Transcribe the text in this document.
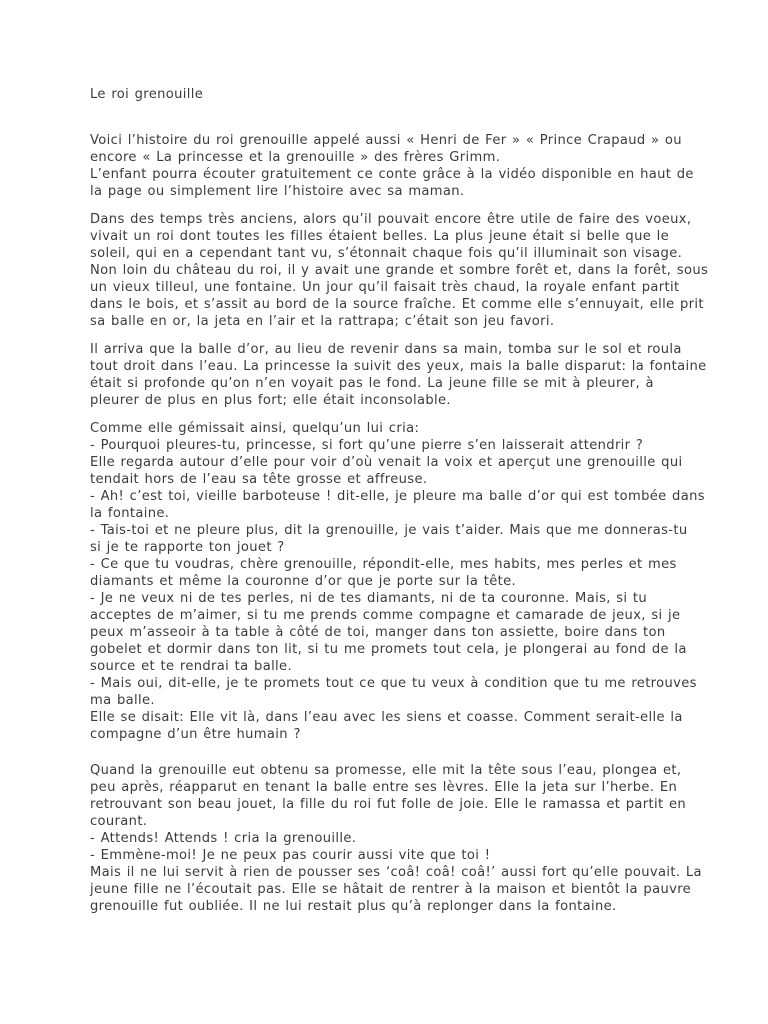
Le roi grenouille
Voici l’histoire du roi grenouille appelé aussi « Henri de Fer » « Prince Crapaud » ou
encore « La princesse et la grenouille » des frères Grimm.
L’enfant pourra écouter gratuitement ce conte grâce à la vidéo disponible en haut de
la page ou simplement lire l’histoire avec sa maman.
Dans des temps très anciens, alors qu’il pouvait encore être utile de faire des voeux,
vivait un roi dont toutes les filles étaient belles. La plus jeune était si belle que le
soleil, qui en a cependant tant vu, s’étonnait chaque fois qu’il illuminait son visage.
Non loin du château du roi, il y avait une grande et sombre forêt et, dans la forêt, sous
un vieux tilleul, une fontaine. Un jour qu’il faisait très chaud, la royale enfant partit
dans le bois, et s’assit au bord de la source fraîche. Et comme elle s’ennuyait, elle prit
sa balle en or, la jeta en l’air et la rattrapa; c’était son jeu favori.
Il arriva que la balle d’or, au lieu de revenir dans sa main, tomba sur le sol et roula
tout droit dans l’eau. La princesse la suivit des yeux, mais la balle disparut: la fontaine
était si profonde qu’on n’en voyait pas le fond. La jeune fille se mit à pleurer, à
pleurer de plus en plus fort; elle était inconsolable.
Comme elle gémissait ainsi, quelqu’un lui cria:
- Pourquoi pleures-tu, princesse, si fort qu’une pierre s’en laisserait attendrir ?
Elle regarda autour d’elle pour voir d’où venait la voix et aperçut une grenouille qui
tendait hors de l’eau sa tête grosse et affreuse.
- Ah! c’est toi, vieille barboteuse ! dit-elle, je pleure ma balle d’or qui est tombée dans
la fontaine.
- Tais-toi et ne pleure plus, dit la grenouille, je vais t’aider. Mais que me donneras-tu
si je te rapporte ton jouet ?
- Ce que tu voudras, chère grenouille, répondit-elle, mes habits, mes perles et mes
diamants et même la couronne d’or que je porte sur la tête.
- Je ne veux ni de tes perles, ni de tes diamants, ni de ta couronne. Mais, si tu
acceptes de m’aimer, si tu me prends comme compagne et camarade de jeux, si je
peux m’asseoir à ta table à côté de toi, manger dans ton assiette, boire dans ton
gobelet et dormir dans ton lit, si tu me promets tout cela, je plongerai au fond de la
source et te rendrai ta balle.
- Mais oui, dit-elle, je te promets tout ce que tu veux à condition que tu me retrouves
ma balle.
Elle se disait: Elle vit là, dans l’eau avec les siens et coasse. Comment serait-elle la
compagne d’un être humain ?
Quand la grenouille eut obtenu sa promesse, elle mit la tête sous l’eau, plongea et,
peu après, réapparut en tenant la balle entre ses lèvres. Elle la jeta sur l’herbe. En
retrouvant son beau jouet, la fille du roi fut folle de joie. Elle le ramassa et partit en
courant.
- Attends! Attends ! cria la grenouille.
- Emmène-moi! Je ne peux pas courir aussi vite que toi !
Mais il ne lui servit à rien de pousser ses ‘coâ! coâ! coâ!’ aussi fort qu’elle pouvait. La
jeune fille ne l’écoutait pas. Elle se hâtait de rentrer à la maison et bientôt la pauvre
grenouille fut oubliée. Il ne lui restait plus qu’à replonger dans la fontaine.
